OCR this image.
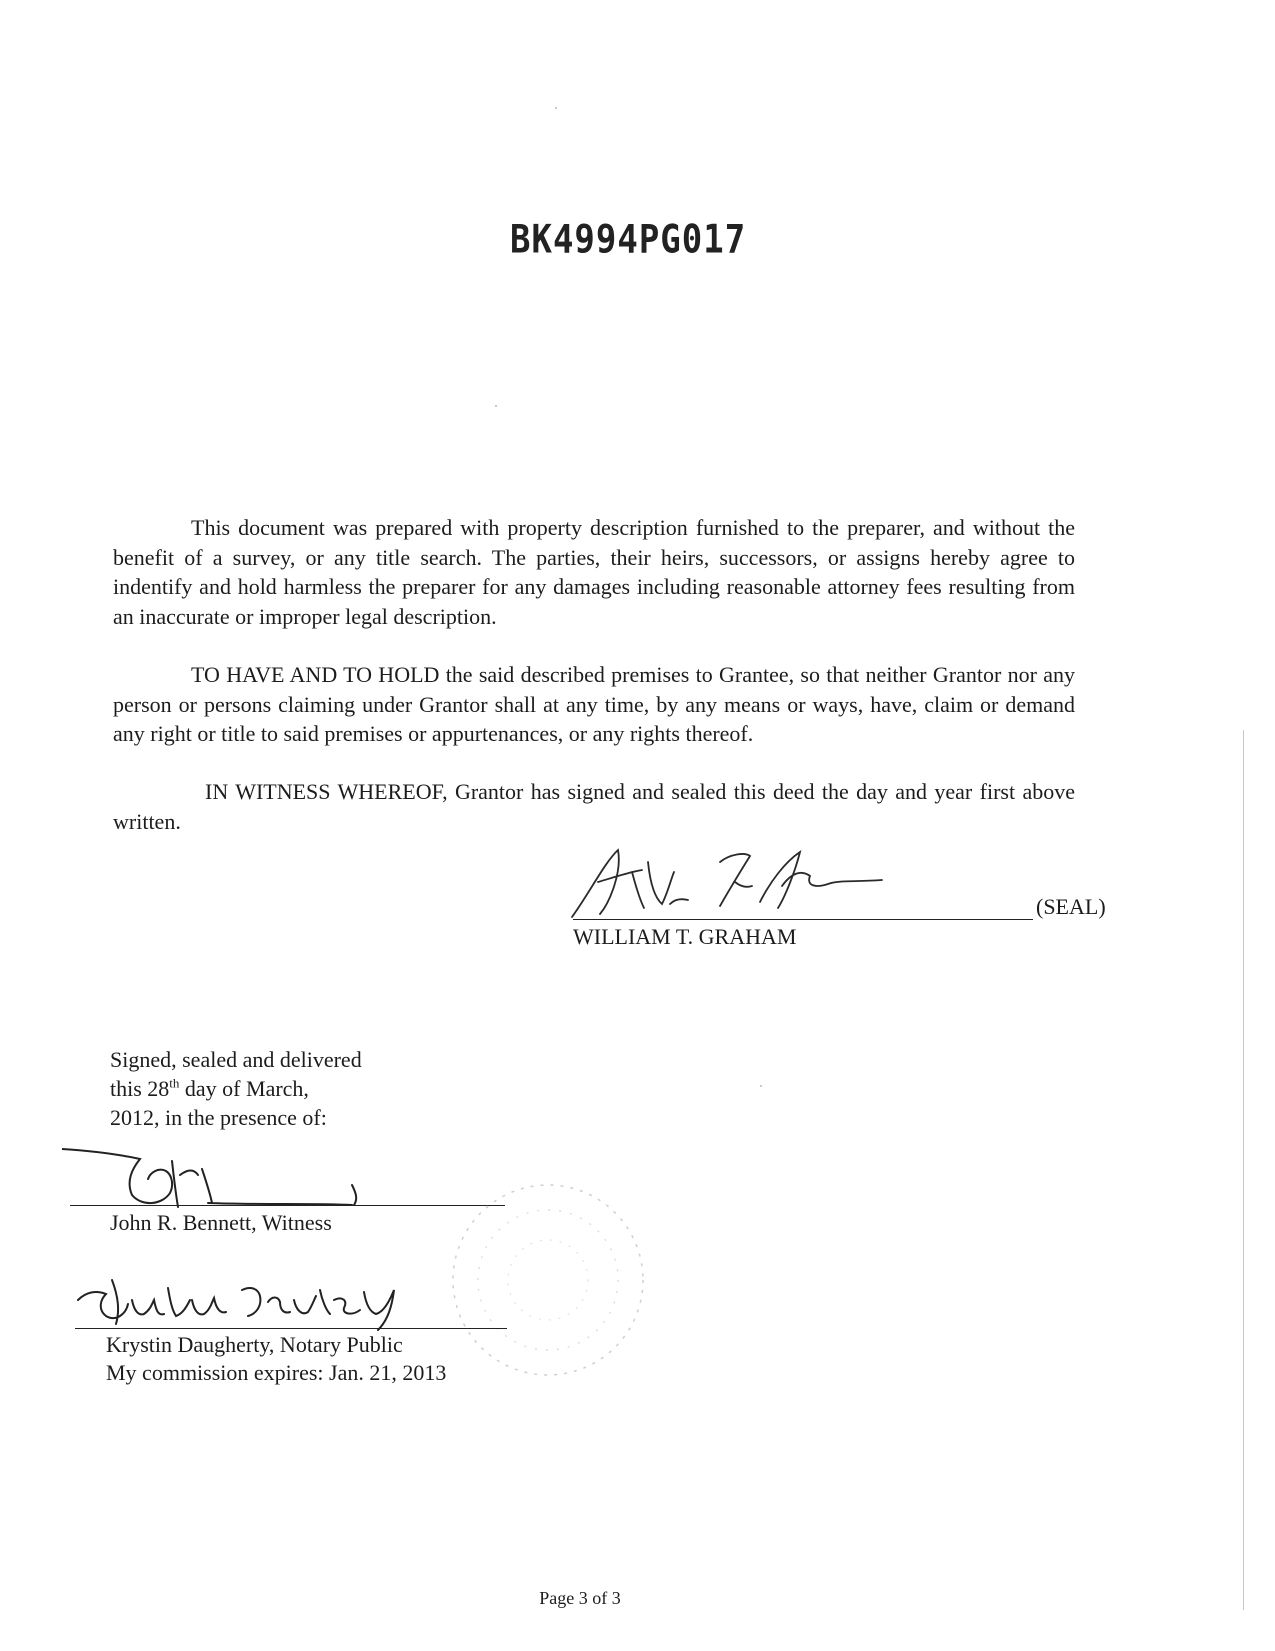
BK4994PG017

This document was prepared with property description furnished to the preparer, and without the benefit of a survey, or any title search. The parties, their heirs, successors, or assigns hereby agree to indentify and hold harmless the preparer for any damages including reasonable attorney fees resulting from an inaccurate or improper legal description.

TO HAVE AND TO HOLD the said described premises to Grantee, so that neither Grantor nor any person or persons claiming under Grantor shall at any time, by any means or ways, have, claim or demand any right or title to said premises or appurtenances, or any rights thereof.

IN WITNESS WHEREOF, Grantor has signed and sealed this deed the day and year first above written.

(SEAL)
WILLIAM T. GRAHAM
Signed, sealed and delivered
this 28th day of March,
2012, in the presence of:
John R. Bennett, Witness
Krystin Daugherty, Notary Public
My commission expires: Jan. 21, 2013
Page 3 of 3
